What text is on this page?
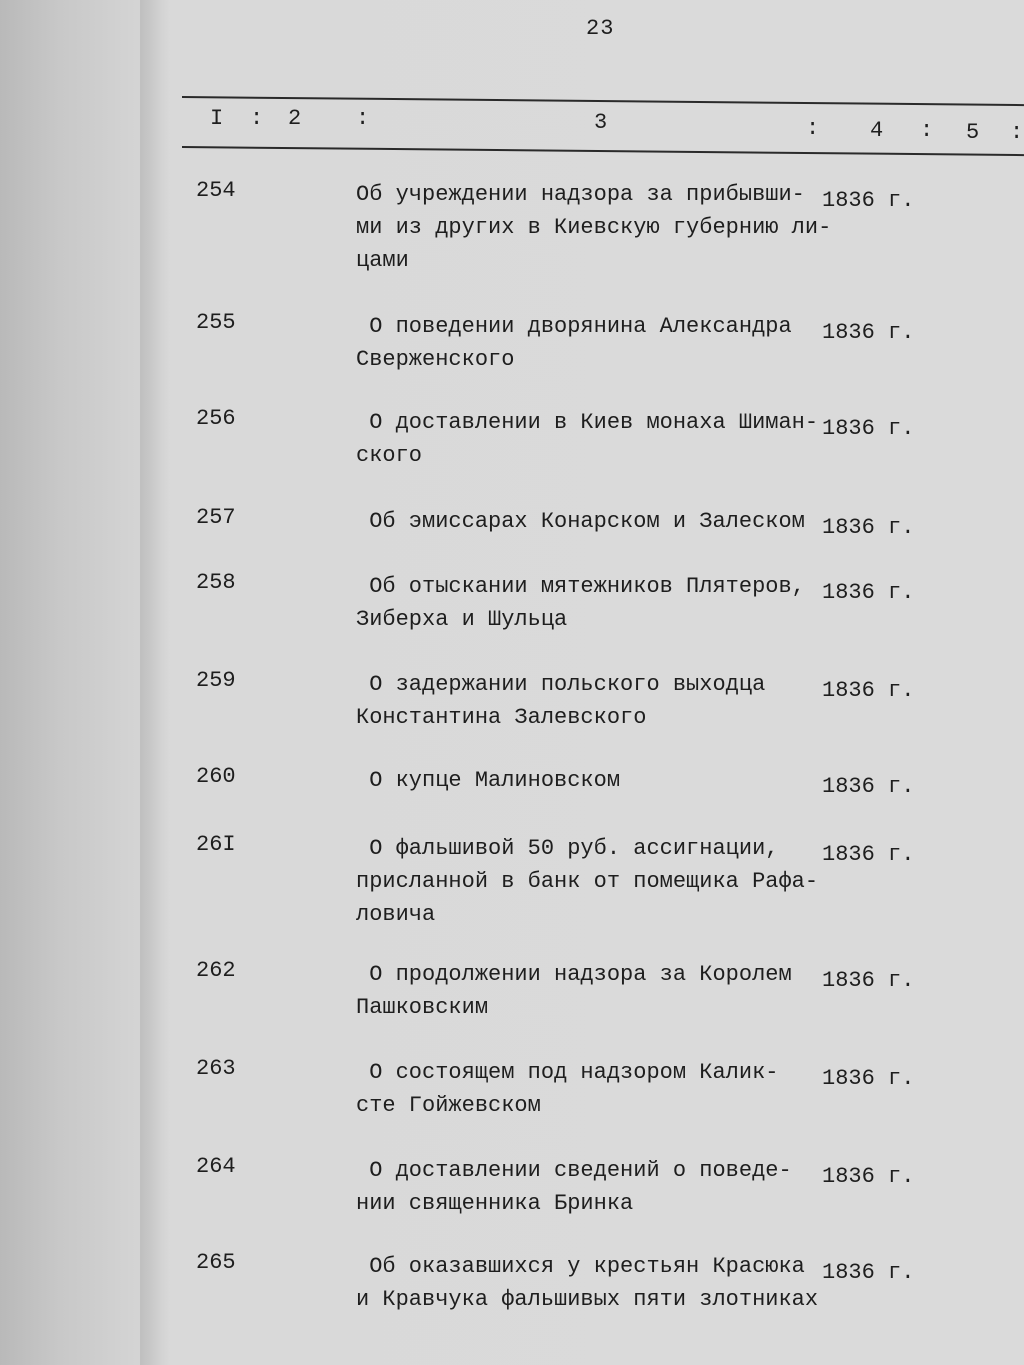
23
I : 2 :	3	: 4 : 5 :
254	Об учреждении надзора за прибывши-
ми из других в Киевскую губернию ли-
цами
1836 г.
255	О поведении дворянина Александра
Сверженского
1836 г.
256	О доставлении в Киев монаха Шиман-
ского
1836 г.
257	Об эмиссарах Конарском и Залеском 1836 г.
258	Об отыскании мятежников Плятеров,
Зиберха и Шульца
1836 г.
259	О задержании польского выходца
Константина Залевского
1836 г.
260	О купце Малиновском	1836 г.
26I	О фальшивой 50 руб. ассигнации,
присланной в банк от помещика Рафа-
ловича
1836 г.
262	О продолжении надзора за Королем
Пашковским
1836 г.
263	О состоящем под надзором Калик-
сте Гойжевском
1836 г.
264	О доставлении сведений о поведе-
нии священника Бринка
1836 г.
265	Об оказавшихся у крестьян Красюка
и Кравчука фальшивых пяти злотниках
1836 г.
